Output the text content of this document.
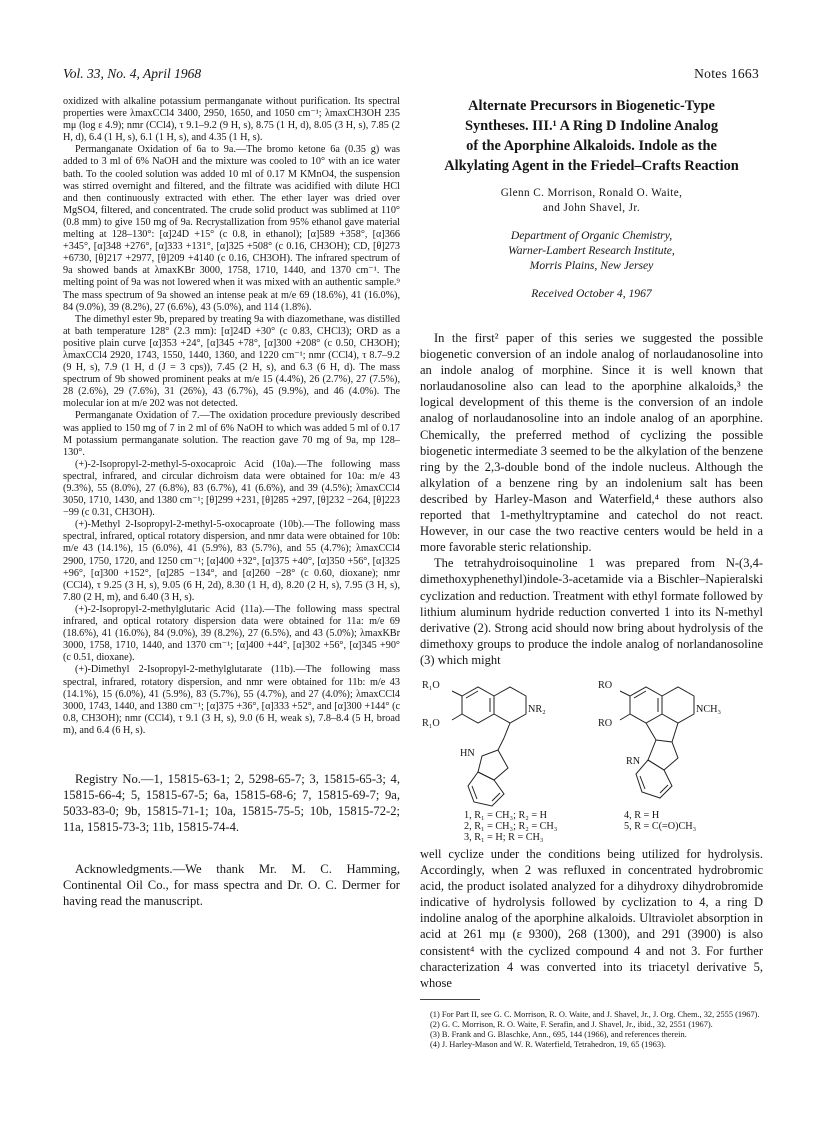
Vol. 33, No. 4, April 1968	Notes 1663

oxidized with alkaline potassium permanganate without purification. Its spectral properties were λmaxCCl4 3400, 2950, 1650, and 1050 cm⁻¹; λmaxCH3OH 235 mμ (log ε 4.9); nmr (CCl4), τ 9.1–9.2 (9 H, s), 8.75 (1 H, d), 8.05 (3 H, s), 7.85 (2 H, d), 6.4 (1 H, s), 6.1 (1 H, s), and 4.35 (1 H, s).

Permanganate Oxidation of 6a to 9a.—The bromo ketone 6a (0.35 g) was added to 3 ml of 6% NaOH and the mixture was cooled to 10° with an ice water bath. To the cooled solution was added 10 ml of 0.17 M KMnO4, the suspension was stirred overnight and filtered, and the filtrate was acidified with dilute HCl and then continuously extracted with ether. The ether layer was dried over MgSO4, filtered, and concentrated. The crude solid product was sublimed at 110° (0.8 mm) to give 150 mg of 9a. Recrystallization from 95% ethanol gave material melting at 128–130°: [α]24D +15° (c 0.8, in ethanol); [α]589 +358°, [α]366 +345°, [α]348 +276°, [α]333 +131°, [α]325 +508° (c 0.16, CH3OH); CD, [θ]273 +6730, [θ]217 +2977, [θ]209 +4140 (c 0.16, CH3OH). The infrared spectrum of 9a showed bands at λmaxKBr 3000, 1758, 1710, 1440, and 1370 cm⁻¹. The melting point of 9a was not lowered when it was mixed with an authentic sample.⁹ The mass spectrum of 9a showed an intense peak at m/e 69 (18.6%), 41 (16.0%), 84 (9.0%), 39 (8.2%), 27 (6.6%), 43 (5.0%), and 114 (1.8%).

The dimethyl ester 9b, prepared by treating 9a with diazomethane, was distilled at bath temperature 128° (2.3 mm): [α]24D +30° (c 0.83, CHCl3); ORD as a positive plain curve [α]353 +24°, [α]345 +78°, [α]300 +208° (c 0.50, CH3OH); λmaxCCl4 2920, 1743, 1550, 1440, 1360, and 1220 cm⁻¹; nmr (CCl4), τ 8.7–9.2 (9 H, s), 7.9 (1 H, d (J = 3 cps)), 7.45 (2 H, s), and 6.3 (6 H, d). The mass spectrum of 9b showed prominent peaks at m/e 15 (4.4%), 26 (2.7%), 27 (7.5%), 28 (2.6%), 29 (7.6%), 31 (26%), 43 (6.7%), 45 (9.9%), and 46 (4.0%). The molecular ion at m/e 202 was not detected.

Permanganate Oxidation of 7.—The oxidation procedure previously described was applied to 150 mg of 7 in 2 ml of 6% NaOH to which was added 5 ml of 0.17 M potassium permanganate solution. The reaction gave 70 mg of 9a, mp 128–130°.

(+)-2-Isopropyl-2-methyl-5-oxocaproic Acid (10a).—The following mass spectral, infrared, and circular dichroism data were obtained for 10a: m/e 43 (9.3%), 55 (8.0%), 27 (6.8%), 83 (6.7%), 41 (6.6%), and 39 (4.5%); λmaxCCl4 3050, 1710, 1430, and 1380 cm⁻¹; [θ]299 +231, [θ]285 +297, [θ]232 −264, [θ]223 −99 (c 0.31, CH3OH).

(+)-Methyl 2-Isopropyl-2-methyl-5-oxocaproate (10b).—The following mass spectral, infrared, optical rotatory dispersion, and nmr data were obtained for 10b: m/e 43 (14.1%), 15 (6.0%), 41 (5.9%), 83 (5.7%), and 55 (4.7%); λmaxCCl4 2900, 1750, 1720, and 1250 cm⁻¹; [α]400 +32°, [α]375 +40°, [α]350 +56°, [α]325 +96°, [α]300 +152°, [α]285 −134°, and [α]260 −28° (c 0.60, dioxane); nmr (CCl4), τ 9.25 (3 H, s), 9.05 (6 H, 2d), 8.30 (1 H, d), 8.20 (2 H, s), 7.95 (3 H, s), 7.80 (2 H, m), and 6.40 (3 H, s).

(+)-2-Isopropyl-2-methylglutaric Acid (11a).—The following mass spectral infrared, and optical rotatory dispersion data were obtained for 11a: m/e 69 (18.6%), 41 (16.0%), 84 (9.0%), 39 (8.2%), 27 (6.5%), and 43 (5.0%); λmaxKBr 3000, 1758, 1710, 1440, and 1370 cm⁻¹; [α]400 +44°, [α]302 +56°, [α]345 +90° (c 0.51, dioxane).

(+)-Dimethyl 2-Isopropyl-2-methylglutarate (11b).—The following mass spectral, infrared, rotatory dispersion, and nmr were obtained for 11b: m/e 43 (14.1%), 15 (6.0%), 41 (5.9%), 83 (5.7%), 55 (4.7%), and 27 (4.0%); λmaxCCl4 3000, 1743, 1440, and 1380 cm⁻¹; [α]375 +36°, [α]333 +52°, and [α]300 +144° (c 0.8, CH3OH); nmr (CCl4), τ 9.1 (3 H, s), 9.0 (6 H, weak s), 7.8–8.4 (5 H, broad m), and 6.4 (6 H, s).

Registry No.—1, 15815-63-1; 2, 5298-65-7; 3, 15815-65-3; 4, 15815-66-4; 5, 15815-67-5; 6a, 15815-68-6; 7, 15815-69-7; 9a, 5033-83-0; 9b, 15815-71-1; 10a, 15815-75-5; 10b, 15815-72-2; 11a, 15815-73-3; 11b, 15815-74-4.

Acknowledgments.—We thank Mr. M. C. Hamming, Continental Oil Co., for mass spectra and Dr. O. C. Dermer for having read the manuscript.

Alternate Precursors in Biogenetic-Type

Syntheses. III.¹ A Ring D Indoline Analog

of the Aporphine Alkaloids. Indole as the

Alkylating Agent in the Friedel–Crafts Reaction

Glenn C. Morrison, Ronald O. Waite,

and John Shavel, Jr.

Department of Organic Chemistry,

Warner-Lambert Research Institute,

Morris Plains, New Jersey

Received October 4, 1967

In the first² paper of this series we suggested the possible biogenetic conversion of an indole analog of norlaudanosoline into an indole analog of morphine. Since it is well known that norlaudanosoline also can lead to the aporphine alkaloids,³ the logical development of this theme is the conversion of an indole analog of norlaudanosoline into an indole analog of an aporphine. Chemically, the preferred method of cyclizing the possible biogenetic intermediate 3 seemed to be the alkylation of the benzene ring by the 2,3-double bond of the indole nucleus. Although the alkylation of a benzene ring by an indolenium salt has been described by Harley-Mason and Waterfield,⁴ these authors also reported that 1-methyltryptamine and catechol do not react. However, in our case the two reactive centers would be held in a more favorable steric relationship.

The tetrahydroisoquinoline 1 was prepared from N-(3,4-dimethoxyphenethyl)indole-3-acetamide via a Bischler–Napieralski cyclization and reduction. Treatment with ethyl formate followed by lithium aluminum hydride reduction converted 1 into its N-methyl derivative (2). Strong acid should now bring about hydrolysis of the dimethoxy groups to produce the indole analog of norlandanosoline (3) which might

R₁O
R₁O
NR₂
HN
RO
RO
NCH₃
RN
1, R₁ = CH₃; R₂ = H
2, R₁ = CH₃; R₂ = CH₃
3, R₁ = H; R = CH₃
4, R = H
5, R = C(=O)CH₃

well cyclize under the conditions being utilized for hydrolysis. Accordingly, when 2 was refluxed in concentrated hydrobromic acid, the product isolated analyzed for a dihydroxy dihydrobromide indicative of hydrolysis followed by cyclization to 4, a ring D indoline analog of the aporphine alkaloids. Ultraviolet absorption in acid at 261 mμ (ε 9300), 268 (1300), and 291 (3900) is also consistent⁴ with the cyclized compound 4 and not 3. For further characterization 4 was converted into its triacetyl derivative 5, whose

(1) For Part II, see G. C. Morrison, R. O. Waite, and J. Shavel, Jr., J. Org. Chem., 32, 2555 (1967).

(2) G. C. Morrison, R. O. Waite, F. Serafin, and J. Shavel, Jr., ibid., 32, 2551 (1967).

(3) B. Frank and G. Blaschke, Ann., 695, 144 (1966), and references therein.

(4) J. Harley-Mason and W. R. Waterfield, Tetrahedron, 19, 65 (1963).
